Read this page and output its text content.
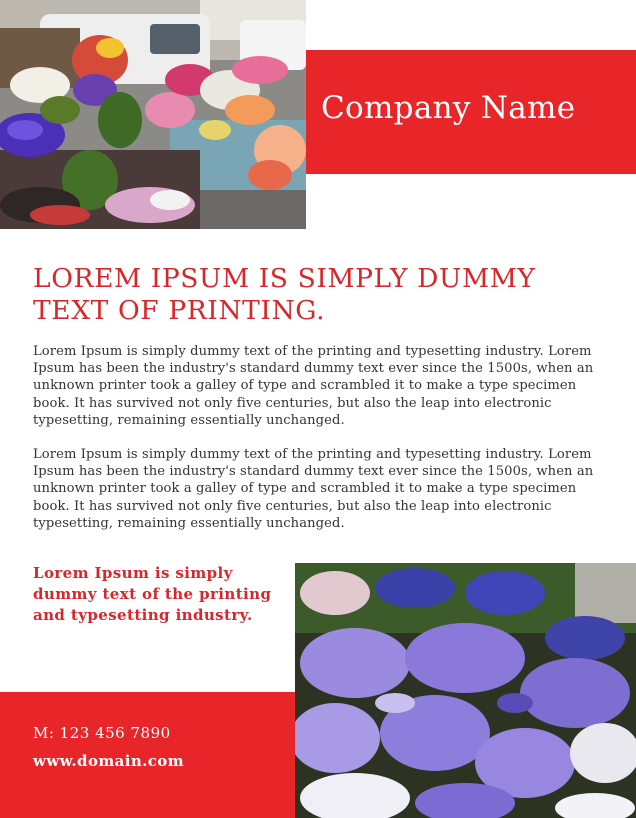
Company Name
LOREM IPSUM IS SIMPLY DUMMY TEXT OF PRINTING.

Lorem Ipsum is simply dummy text of the printing and typesetting industry. Lorem Ipsum has been the industry's standard dummy text ever since the 1500s, when an unknown printer took a galley of type and scrambled it to make a type specimen book. It has survived not only five centuries, but also the leap into electronic typesetting, remaining essentially unchanged.

Lorem Ipsum is simply dummy text of the printing and typesetting industry. Lorem Ipsum has been the industry's standard dummy text ever since the 1500s, when an unknown printer took a galley of type and scrambled it to make a type specimen book. It has survived not only five centuries, but also the leap into electronic typesetting, remaining essentially unchanged.

Lorem Ipsum is simply dummy text of the printing and typesetting industry.

M: 123 456 7890
www.domain.com
